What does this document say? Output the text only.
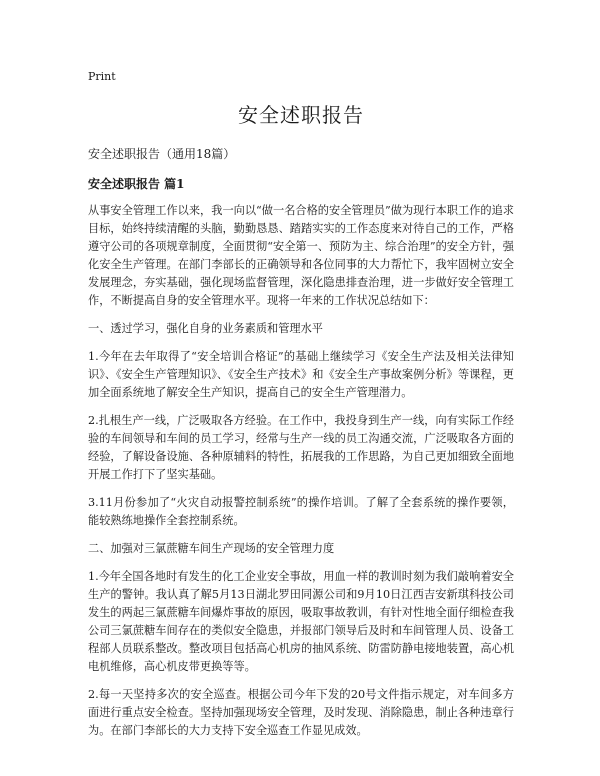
Print
安全述职报告
安全述职报告（通用18篇）
安全述职报告 篇1

从事安全管理工作以来，我一向以“做一名合格的安全管理员”做为现行本职工作的追求目标，始终持续清醒的头脑，勤勤恳恳、踏踏实实的工作态度来对待自己的工作，严格遵守公司的各项规章制度，全面贯彻“安全第一、预防为主、综合治理”的安全方针，强化安全生产管理。在部门李部长的正确领导和各位同事的大力帮忙下，我牢固树立安全发展理念，夯实基础，强化现场监督管理，深化隐患排查治理，进一步做好安全管理工作，不断提高自身的安全管理水平。现将一年来的工作状况总结如下：

一、透过学习，强化自身的业务素质和管理水平

1.今年在去年取得了“安全培训合格证”的基础上继续学习《安全生产法及相关法律知识》、《安全生产管理知识》、《安全生产技术》和《安全生产事故案例分析》等课程，更加全面系统地了解安全生产知识，提高自己的安全生产管理潜力。

2.扎根生产一线，广泛吸取各方经验。在工作中，我投身到生产一线，向有实际工作经验的车间领导和车间的员工学习，经常与生产一线的员工沟通交流，广泛吸取各方面的经验，了解设备设施、各种原辅料的特性，拓展我的工作思路，为自己更加细致全面地开展工作打下了坚实基础。

3.11月份参加了“火灾自动报警控制系统”的操作培训。了解了全套系统的操作要领，能较熟练地操作全套控制系统。

二、加强对三氯蔗糖车间生产现场的安全管理力度

1.今年全国各地时有发生的化工企业安全事故，用血一样的教训时刻为我们敲响着安全生产的警钟。我认真了解5月13日湖北罗田同源公司和9月10日江西吉安新琪科技公司发生的两起三氯蔗糖车间爆炸事故的原因，吸取事故教训，有针对性地全面仔细检查我公司三氯蔗糖车间存在的类似安全隐患，并报部门领导后及时和车间管理人员、设备工程部人员联系整改。整改项目包括高心机房的抽风系统、防雷防静电接地装置，高心机电机维修，高心机皮带更换等等。

2.每一天坚持多次的安全巡查。根据公司今年下发的20号文件指示规定，对车间多方面进行重点安全检查。坚持加强现场安全管理，及时发现、消除隐患，制止各种违章行为。在部门李部长的大力支持下安全巡查工作显见成效。
